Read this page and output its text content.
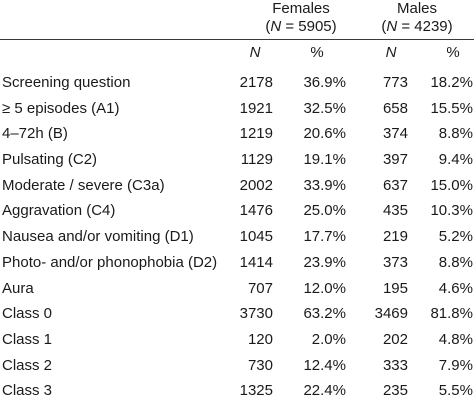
Females
(N = 5905)
Males
(N = 4239)
N	%	N	%
Screening question	2178 36.9% 773 18.2%
≥ 5 episodes (A1)	1921 32.5% 658 15.5%
4–72h (B)	1219 20.6% 374 8.8%
Pulsating (C2)	1129 19.1% 397 9.4%
Moderate / severe (C3a)	2002 33.9% 637 15.0%
Aggravation (C4)	1476 25.0% 435 10.3%
Nausea and/or vomiting (D1)	1045 17.7% 219 5.2%
Photo- and/or phonophobia (D2) 1414 23.9% 373 8.8%
Aura	707 12.0% 195 4.6%
Class 0	3730 63.2% 3469 81.8%
Class 1	120	2.0% 202 4.8%
Class 2	730 12.4% 333 7.9%
Class 3	1325 22.4% 235 5.5%
